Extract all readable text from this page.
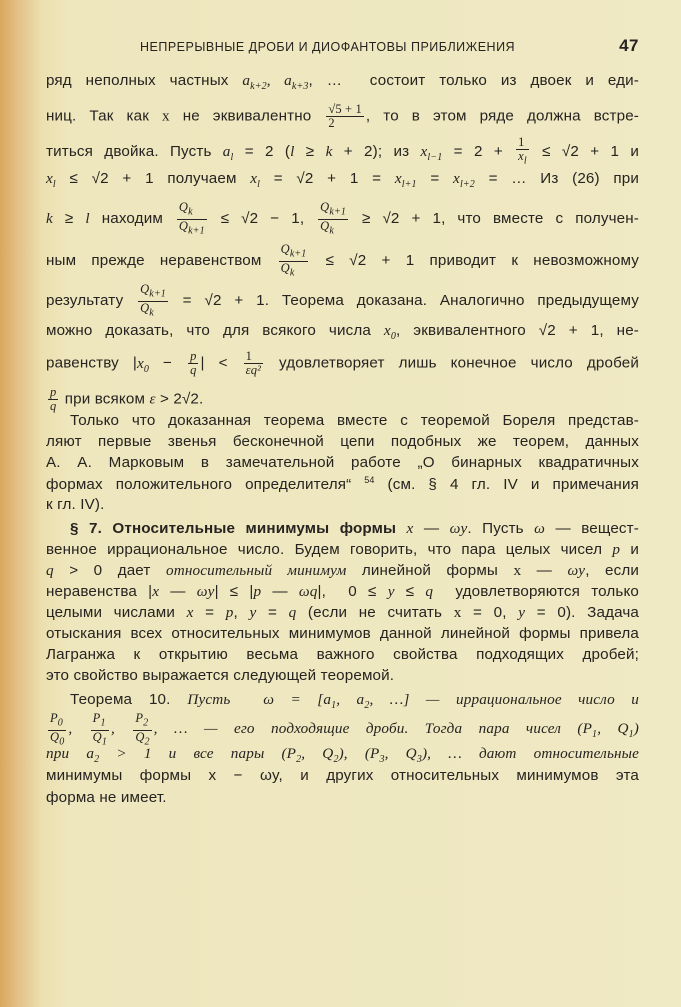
НЕПРЕРЫВНЫЕ ДРОБИ И ДИОФАНТОВЫ ПРИБЛИЖЕНИЯ	47
ряд неполных частных $a_{k+2}$, $a_{k+3}$, …  состоит только из двоек и еди-
ниц. Так как x не эквивалентно $\frac{√5 + 1}{2}$ , то в этом ряде должна встре-
титься двойка. Пусть $a_l = 2$ (l ≥ k + 2); из $x_{l-1} = 2 + \frac{1}{x_l} \le √2 + 1$ и
$x_l \le √2 + 1$ получаем $x_l = √2 + 1 = x_{l+1} = x_{l+2}$ = … Из (26) при
k ≥ l находим $\frac{Q_k}{Q_{k+1}} \le √2 - 1$, $\frac{Q_{k+1}}{Q_k} \ge √2 + 1$, что вместе с получен-
ным прежде неравенством $\frac{Q_{k+1}}{Q_k} \le √2 + 1$ приводит к невозможному
результату $\frac{Q_{k+1}}{Q_k} = √2 + 1$. Теорема доказана. Аналогично предыдущему
можно доказать, что для всякого числа $x_0$, эквивалентного √2 + 1, не-
равенству $|x_0 - \frac{p}{q}$ | < $\frac{1}{\text{εq²}}$ удовлетворяет лишь конечное число дробей
$\frac{p}{q}$ при всяком ε > 2√2.
Только что доказанная теорема вместе с теоремой Бореля представ-
ляют первые звенья бесконечной цепи подобных же теорем, данных
А. А. Марковым в замечательной работе „О бинарных квадратичных
формах положительного определителя“ $^{54}$ (см. § 4 гл. IV и примечания
к гл. IV).
§ 7. Относительные минимумы формы x — ωy. Пусть ω — вещест-
венное иррациональное число. Будем говорить, что пара целых чисел p и
q > 0 дает относительный минимум линейной формы x — ωy, если
неравенства |x — ωy| ≤ |p — ωq|,  0 ≤ y ≤ q  удовлетворяются только
целыми числами x = p, y = q (если не считать x = 0, y = 0). Задача
отыскания всех относительных минимумов данной линейной формы привела
Лагранжа к открытию весьма важного свойства подходящих дробей;
это свойство выражается следующей теоремой.
Теорема 10. Пусть  $\omega = [a_1$, $a_2$, …] — иррациональное число и
$\frac{P_0}{Q_0}$ , $\frac{P_1}{Q_1}$ , $\frac{P_2}{Q_2}$ , … — его подходящие дроби. Тогда пара чисел ($P_1$, $Q_1$)
при $a_2 > 1$ и все пары ($P_2$, $Q_2$), ($P_3$, $Q_3$), … дают относительные
минимумы формы x − ωy, и других относительных минимумов эта
форма не имеет.
